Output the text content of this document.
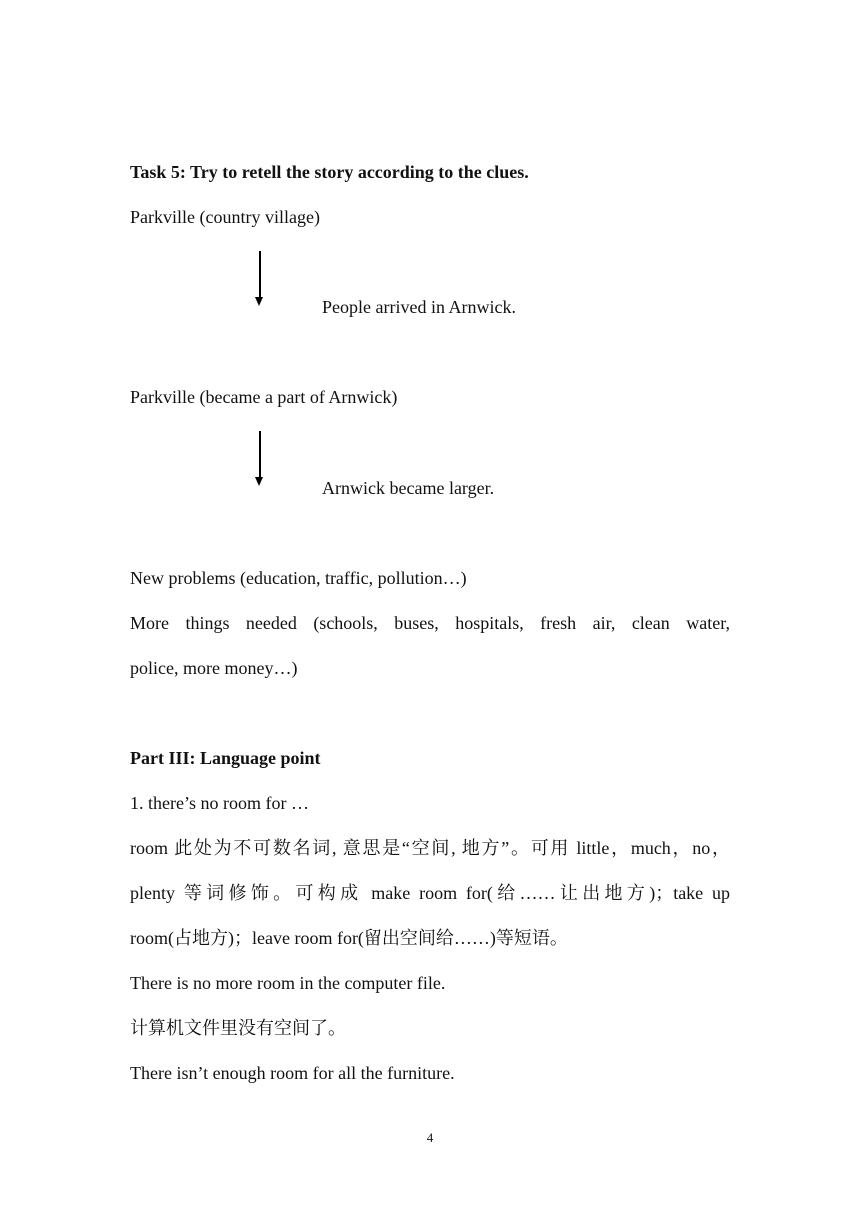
Task 5: Try to retell the story according to the clues.
Parkville (country village)
People arrived in Arnwick.
Parkville (became a part of Arnwick)
Arnwick became larger.
New problems (education, traffic, pollution…)
More things needed (schools, buses, hospitals, fresh air, clean water,
police, more money…)
Part III: Language point
1. there’s no room for …
room 此处为不可数名词, 意思是“空间, 地方”。可用 little，much，no，
plenty 等词修饰。可构成 make room for(给……让出地方)；take up
room(占地方)；leave room for(留出空间给……)等短语。
There is no more room in the computer file.
计算机文件里没有空间了。
There isn’t enough room for all the furniture.
4
